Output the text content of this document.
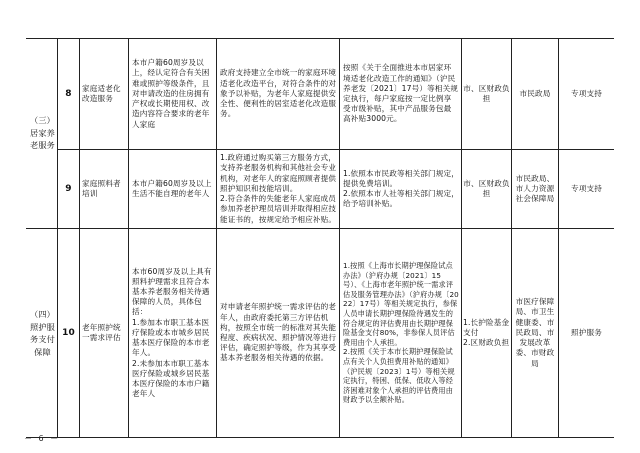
（三）居家养老服务
（四）照护服务支付保障
8
家庭适老化改造服务
本市户籍60周岁及以上，经认定符合有关困难或照护等级条件，且对申请改造的住房拥有产权或长期使用权、改造内容符合要求的老年人家庭
政府支持建立全市统一的家庭环境适老化改造平台，对符合条件的对象予以补贴，为老年人家庭提供安全性、便利性的居室适老化改造服务。
按照《关于全面推进本市居家环境适老化改造工作的通知》（沪民养老发〔2021〕17号）等相关规定执行，每户家庭按一定比例享受市级补贴，其中产品服务包最高补贴3000元。
市、区财政负担
市民政局	专项支持
9
家庭照料者培训
本市户籍60周岁及以上生活不能自理的老年人
1.政府通过购买第三方服务方式，支持养老服务机构和其他社会专业机构，对老年人的家庭照顾者提供照护知识和技能培训。
2.符合条件的失能老年人家庭成员参加养老护理员培训并取得相应技能证书的，按规定给予相应补贴。
1.依照本市民政等相关部门规定，提供免费培训。
2.依照本市人社等相关部门规定，给予培训补贴。
市、区财政负担
市民政局、市人力资源社会保障局
专项支持
10
老年照护统一需求评估
本市60周岁及以上具有照料护理需求且符合本基本养老服务相关待遇保障的人员，具体包括：
1.参加本市职工基本医疗保险或本市城乡居民基本医疗保险的本市老年人。
2.未参加本市职工基本医疗保险或城乡居民基本医疗保险的本市户籍老年人
对申请老年照护统一需求评估的老年人，由政府委托第三方评估机构，按照全市统一的标准对其失能程度、疾病状况、照护情况等进行评估，确定照护等级，作为其享受基本养老服务相关待遇的依据。
1.按照《上海市长期护理保险试点办法》（沪府办规〔2021〕15号）、《上海市老年照护统一需求评估及服务管理办法》（沪府办规〔2022〕17号）等相关规定执行，参保人员申请长期护理保险待遇发生的符合规定的评估费用由长期护理保险基金支付80%，非参保人员评估费用由个人承担。
2.按照《关于本市长期护理保险试点有关个人负担费用补贴的通知》（沪民规〔2023〕1号）等相关规定执行，特困、低保、低收入等经济困难对象个人承担的评估费用由财政予以全额补贴。
1.长护险基金支付
2.区财政负担
市医疗保障局、市卫生健康委、市民政局、市发展改革委、市财政局
照护服务
－ 6 －
